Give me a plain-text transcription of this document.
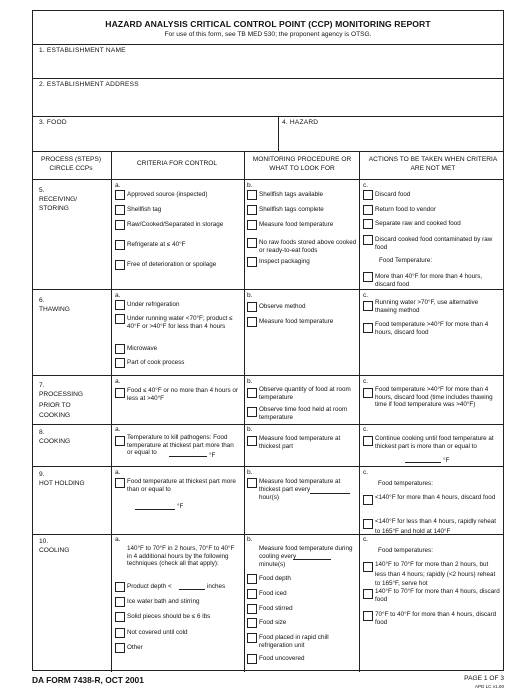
HAZARD ANALYSIS CRITICAL CONTROL POINT (CCP) MONITORING REPORT
For use of this form, see TB MED 530; the proponent agency is OTSG.
1. ESTABLISHMENT NAME
2. ESTABLISHMENT ADDRESS
3. FOOD	4. HAZARD
PROCESS (STEPS) CIRCLE CCPs
CRITERIA FOR CONTROL
MONITORING PROCEDURE OR WHAT TO LOOK FOR
ACTIONS TO BE TAKEN WHEN CRITERIA ARE NOT MET
5.
RECEIVING/ STORING
a.
Approved source (inspected)
Shellfish tag
Raw/Cooked/Separated in storage
Refrigerate at ≤ 40°F
Free of deterioration or spoilage
b.
Shellfish tags available
Shellfish tags complete
Measure food temperature
No raw foods stored above cooked or ready-to-eat foods
Inspect packaging
c.
Discard food
Return food to vendor
Separate raw and cooked food
Discard cooked food contaminated by raw food
Food Temperature:
More than 40°F for more than 4 hours, discard food
6.
THAWING
a.
Under refrigeration
Under running water <70°F; product ≤ 40°F or >40°F for less than 4 hours
Microwave
Part of cook process
b.
Observe method
Measure food temperature
c.
Running water >70°F, use alternative thawing method
Food temperature >40°F for more than 4 hours, discard food
7.
PROCESSING PRIOR TO COOKING
a.
Food ≤ 40°F or no more than 4 hours or less at >40°F
b.
Observe quantity of food at room temperature
Observe time food held at room temperature
c.
Food temperature >40°F for more than 4 hours, discard food (time includes thawing time if food temperature was >40°F)
8.
COOKING
a.
Temperature to kill pathogens: Food temperature at thickest part more than or equal to	°F
b.
Measure food temperature at thickest part
c.
Continue cooking until food temperature at thickest part is more than or equal to
°F
9.
HOT HOLDING
a.
Food temperature at thickest part more than or equal to
°F
b.
Measure food temperature at thickest part every
hour(s)
c.
Food temperatures:
<140°F for more than 4 hours, discard food
<140°F for less than 4 hours, rapidly reheat to 165°F and hold at 140°F
10.
COOLING
a.
140°F to 70°F in 2 hours, 70°F to 40°F in 4 additional hours by the following techniques (check all that apply):
Product depth <	inches
Ice water bath and stirring
Solid pieces should be ≤ 6 lbs
Not covered until cold
Other
b.
Measure food temperature during cooling every
minute(s)
Food depth
Food iced
Food stirred
Food size
Food placed in rapid chill refrigeration unit
Food uncovered
c.
Food temperatures:
140°F to 70°F for more than 2 hours, but less than 4 hours; rapidly (<2 hours) reheat to 165°F, serve hot
140°F to 70°F for more than 4 hours, discard food
70°F to 40°F for more than 4 hours, discard food
DA FORM 7438-R, OCT 2001	PAGE 1 OF 3
APD LC v1.00
